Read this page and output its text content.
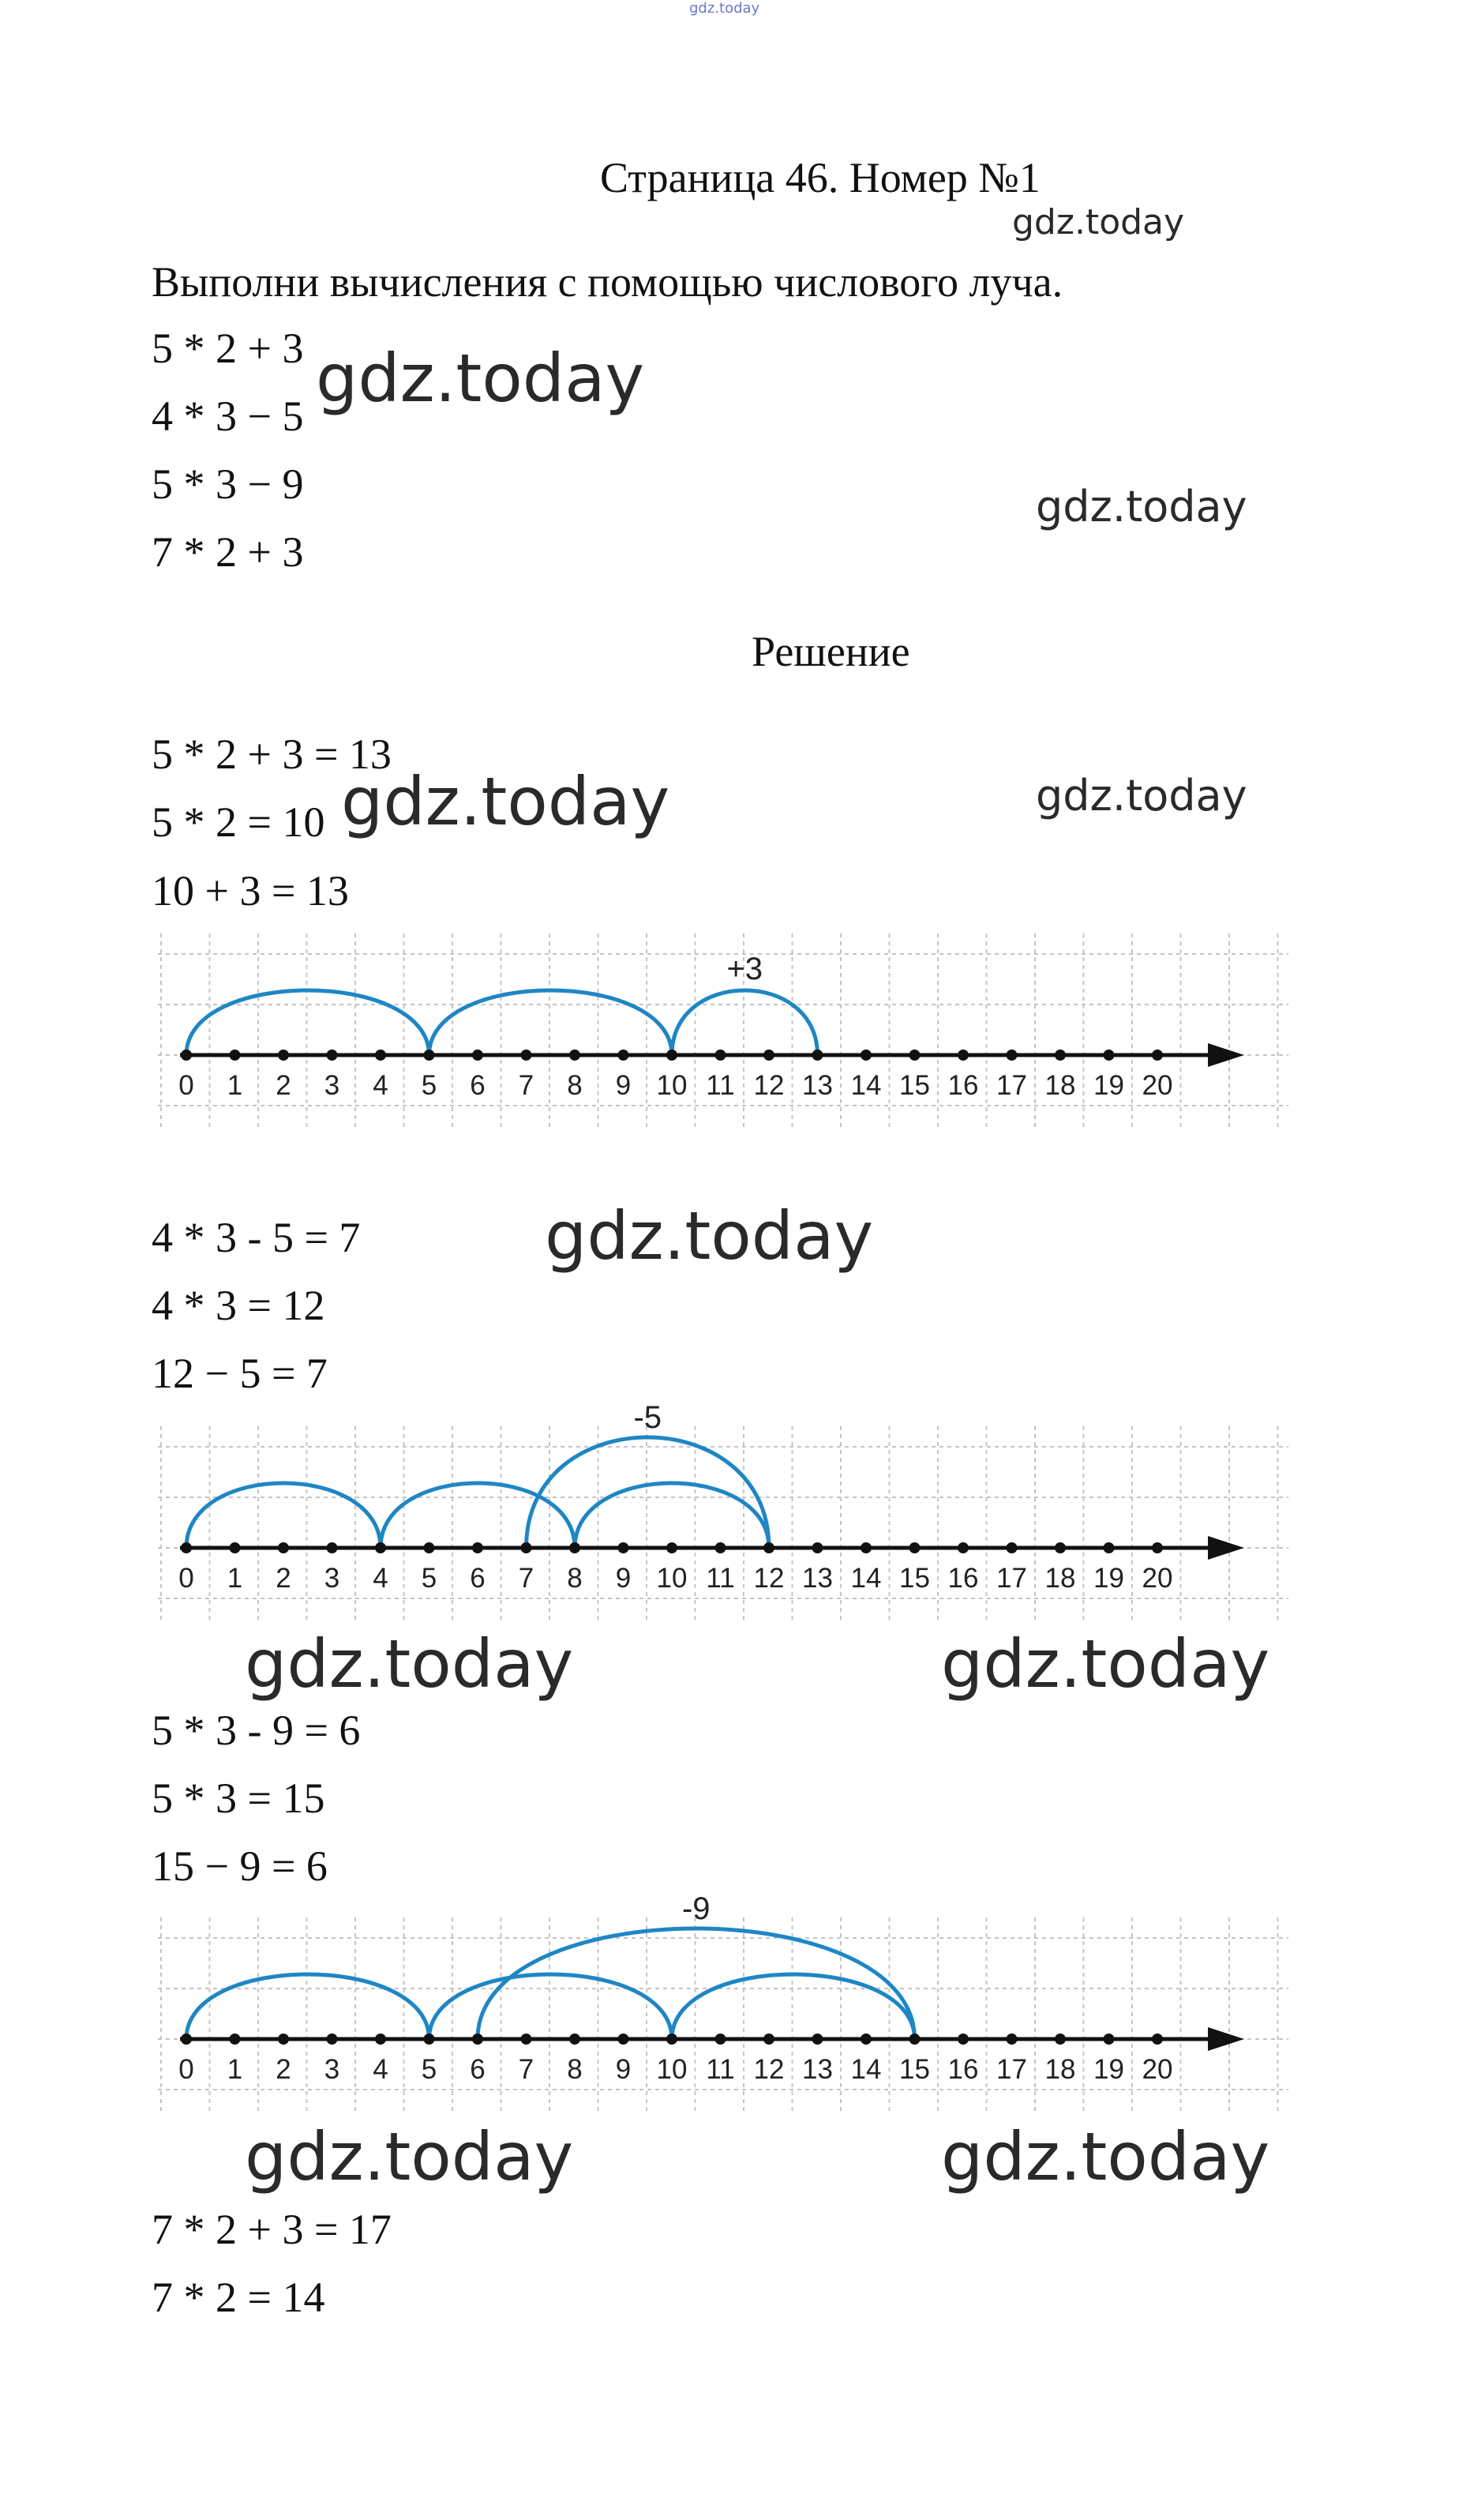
gdz.today
Страница 46. Номер №1
Выполни вычисления с помощью числового луча.
5 * 2 + 3
4 * 3 − 5
5 * 3 − 9
7 * 2 + 3
Решение
5 * 2 + 3 = 13
5 * 2 = 10
10 + 3 = 13
4 * 3 - 5 = 7
4 * 3 = 12
12 − 5 = 7
5 * 3 - 9 = 6
5 * 3 = 15
15 − 9 = 6
7 * 2 + 3 = 17
7 * 2 = 14
+3
0 1 2 3 4 5 6 7 8 9 10 11 12 13 14 15 16 17 18 19 20
-5
0 1 2 3 4 5 6 7 8 9 10 11 12 13 14 15 16 17 18 19 20
-9
0 1 2 3 4 5 6 7 8 9 10 11 12 13 14 15 16 17 18 19 20
gdz.today
gdz.today
gdz.today
gdz.today	gdz.today
gdz.today
gdz.today	gdz.today
gdz.today	gdz.today
